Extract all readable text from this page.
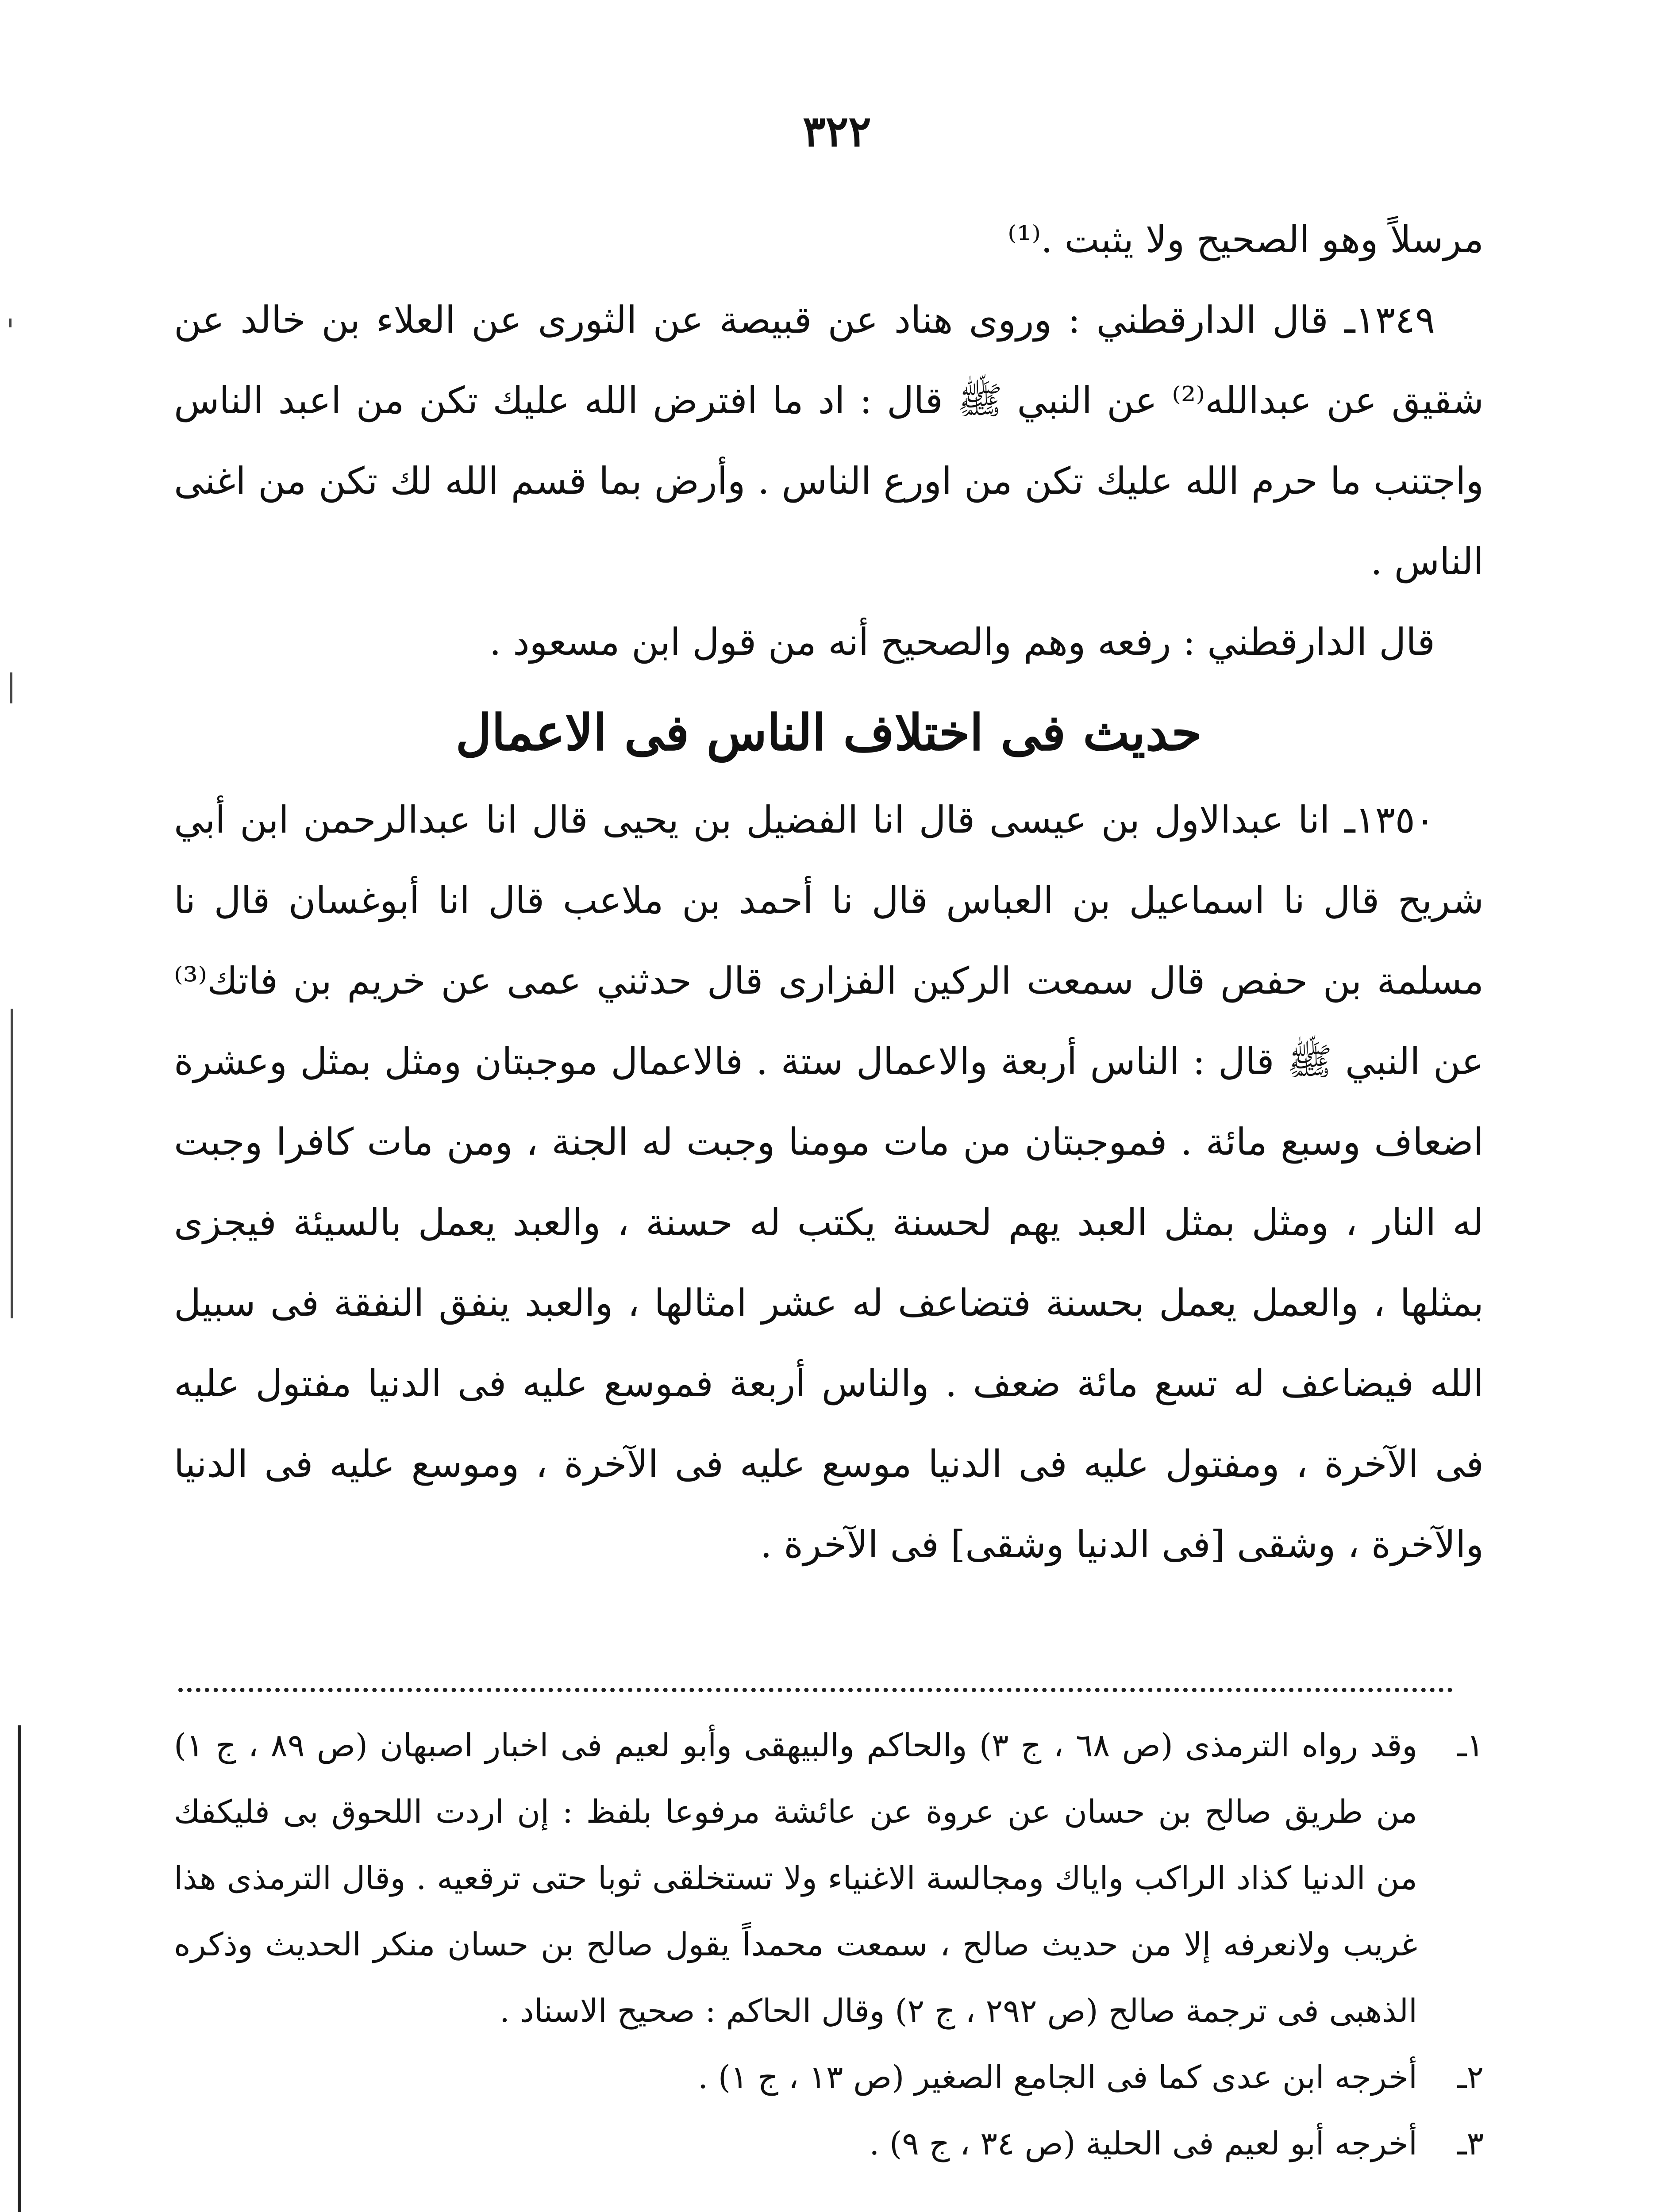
٣٢٢

مرسلاً وهو الصحيح ولا يثبت .⁽¹⁾

١٣٤٩ـ قال الدارقطني : وروى هناد عن قبيصة عن الثورى عن العلاء بن خالد عن شقيق عن عبدالله⁽²⁾ عن النبي ﷺ قال : اد ما افترض الله عليك تكن من اعبد الناس واجتنب ما حرم الله عليك تكن من اورع الناس . وأرض بما قسم الله لك تكن من اغنى الناس .

قال الدارقطني : رفعه وهم والصحيح أنه من قول ابن مسعود .

حديث فى اختلاف الناس فى الاعمال

١٣٥٠ـ انا عبدالاول بن عيسى قال انا الفضيل بن يحيى قال انا عبدالرحمن ابن أبي شريح قال نا اسماعيل بن العباس قال نا أحمد بن ملاعب قال انا أبوغسان قال نا مسلمة بن حفص قال سمعت الركين الفزارى قال حدثني عمى عن خريم بن فاتك⁽³⁾ عن النبي ﷺ قال : الناس أربعة والاعمال ستة . فالاعمال موجبتان ومثل بمثل وعشرة اضعاف وسبع مائة . فموجبتان من مات مومنا وجبت له الجنة ، ومن مات كافرا وجبت له النار ، ومثل بمثل العبد يهم لحسنة يكتب له حسنة ، والعبد يعمل بالسيئة فيجزى بمثلها ، والعمل يعمل بحسنة فتضاعف له عشر امثالها ، والعبد ينفق النفقة فى سبيل الله فيضاعف له تسع مائة ضعف . والناس أربعة فموسع عليه فى الدنيا مفتول عليه فى الآخرة ، ومفتول عليه فى الدنيا موسع عليه فى الآخرة ، وموسع عليه فى الدنيا والآخرة ، وشقى [فى الدنيا وشقى] فى الآخرة .

١ـ
وقد رواه الترمذى (ص ٦٨ ، ج ٣) والحاكم والبيهقى وأبو لعيم فى اخبار اصبهان (ص ٨٩ ، ج ١) من طريق صالح بن حسان عن عروة عن عائشة مرفوعا بلفظ : إن اردت اللحوق بى فليكفك من الدنيا كذاد الراكب واياك ومجالسة الاغنياء ولا تستخلقى ثوبا حتى ترقعيه . وقال الترمذى هذا غريب ولانعرفه إلا من حديث صالح ، سمعت محمداً يقول صالح بن حسان منكر الحديث وذكره الذهبى فى ترجمة صالح (ص ٢٩٢ ، ج ٢) وقال الحاكم : صحيح الاسناد .
٢ـ
أخرجه ابن عدى كما فى الجامع الصغير (ص ١٣ ، ج ١) .
٣ـ
أخرجه أبو لعيم فى الحلية (ص ٣٤ ، ج ٩) .
